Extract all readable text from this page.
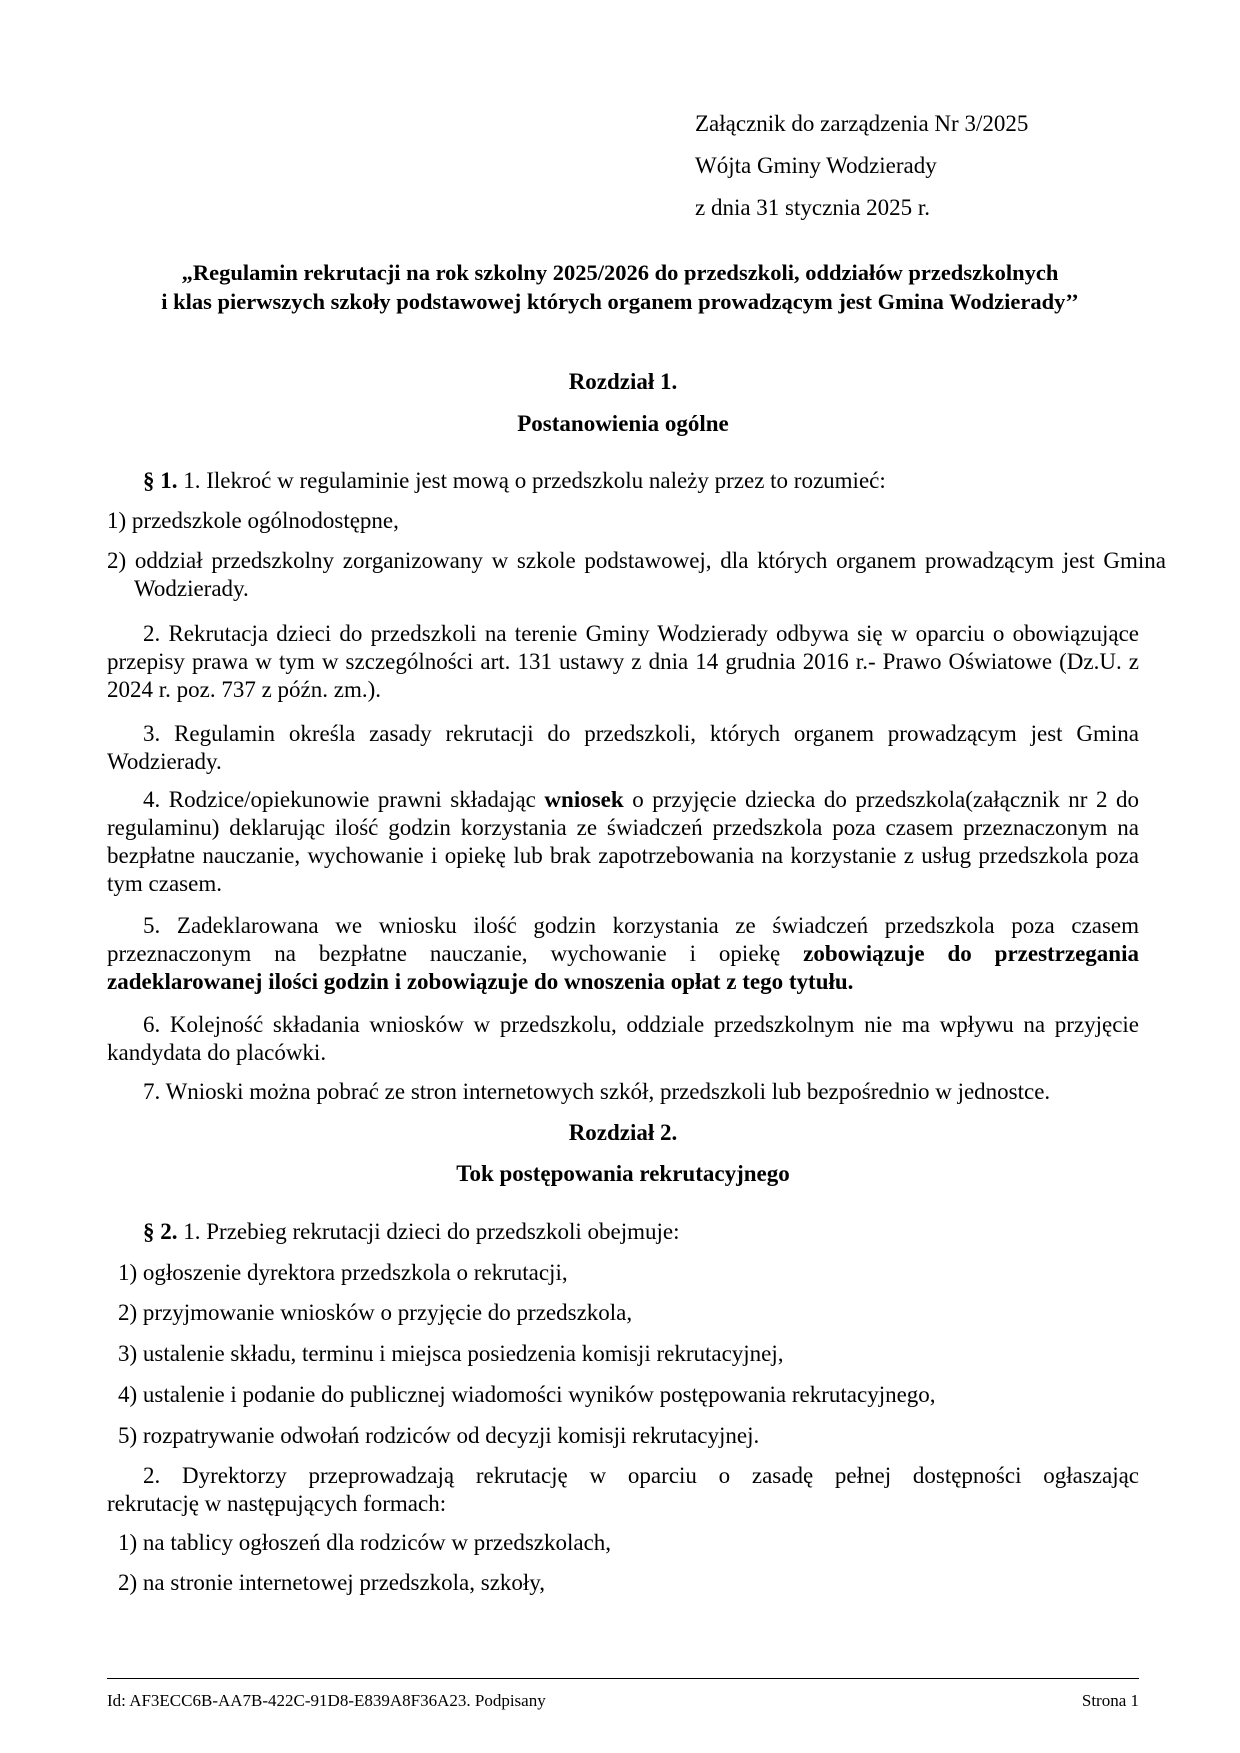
Załącznik do zarządzenia Nr 3/2025
Wójta Gminy Wodzierady
z dnia 31 stycznia 2025 r.
„Regulamin rekrutacji na rok szkolny 2025/2026 do przedszkoli, oddziałów przedszkolnych
i klas pierwszych szkoły podstawowej których organem prowadzącym jest Gmina Wodzierady’’
Rozdział 1.
Postanowienia ogólne
§ 1. 1. Ilekroć w regulaminie jest mową o przedszkolu należy przez to rozumieć:
1) przedszkole ogólnodostępne,
2) oddział przedszkolny zorganizowany w szkole podstawowej, dla których organem prowadzącym jest Gmina Wodzierady.
2. Rekrutacja dzieci do przedszkoli na terenie Gminy Wodzierady odbywa się w oparciu o obowiązujące przepisy prawa w tym w szczególności art. 131 ustawy z dnia 14 grudnia 2016 r.- Prawo Oświatowe (Dz.U. z 2024 r. poz. 737 z późn. zm.).
3. Regulamin określa zasady rekrutacji do przedszkoli, których organem prowadzącym jest Gmina Wodzierady.
4. Rodzice/opiekunowie prawni składając wniosek o przyjęcie dziecka do przedszkola(załącznik nr 2 do regulaminu) deklarując ilość godzin korzystania ze świadczeń przedszkola poza czasem przeznaczonym na bezpłatne nauczanie, wychowanie i opiekę lub brak zapotrzebowania na korzystanie z usług przedszkola poza tym czasem.
5. Zadeklarowana we wniosku ilość godzin korzystania ze świadczeń przedszkola poza czasem przeznaczonym na bezpłatne nauczanie, wychowanie i opiekę zobowiązuje do przestrzegania zadeklarowanej ilości godzin i zobowiązuje do wnoszenia opłat z tego tytułu.
6. Kolejność składania wniosków w przedszkolu, oddziale przedszkolnym nie ma wpływu na przyjęcie kandydata do placówki.
7. Wnioski można pobrać ze stron internetowych szkół, przedszkoli lub bezpośrednio w jednostce.
Rozdział 2.
Tok postępowania rekrutacyjnego
§ 2. 1. Przebieg rekrutacji dzieci do przedszkoli obejmuje:
1) ogłoszenie dyrektora przedszkola o rekrutacji,
2) przyjmowanie wniosków o przyjęcie do przedszkola,
3) ustalenie składu, terminu i miejsca posiedzenia komisji rekrutacyjnej,
4) ustalenie i podanie do publicznej wiadomości wyników postępowania rekrutacyjnego,
5) rozpatrywanie odwołań rodziców od decyzji komisji rekrutacyjnej.
2. Dyrektorzy przeprowadzają rekrutację w oparciu o zasadę pełnej dostępności ogłaszając
rekrutację w następujących formach:
1) na tablicy ogłoszeń dla rodziców w przedszkolach,
2) na stronie internetowej przedszkola, szkoły,
Id: AF3ECC6B-AA7B-422C-91D8-E839A8F36A23. Podpisany	Strona 1
